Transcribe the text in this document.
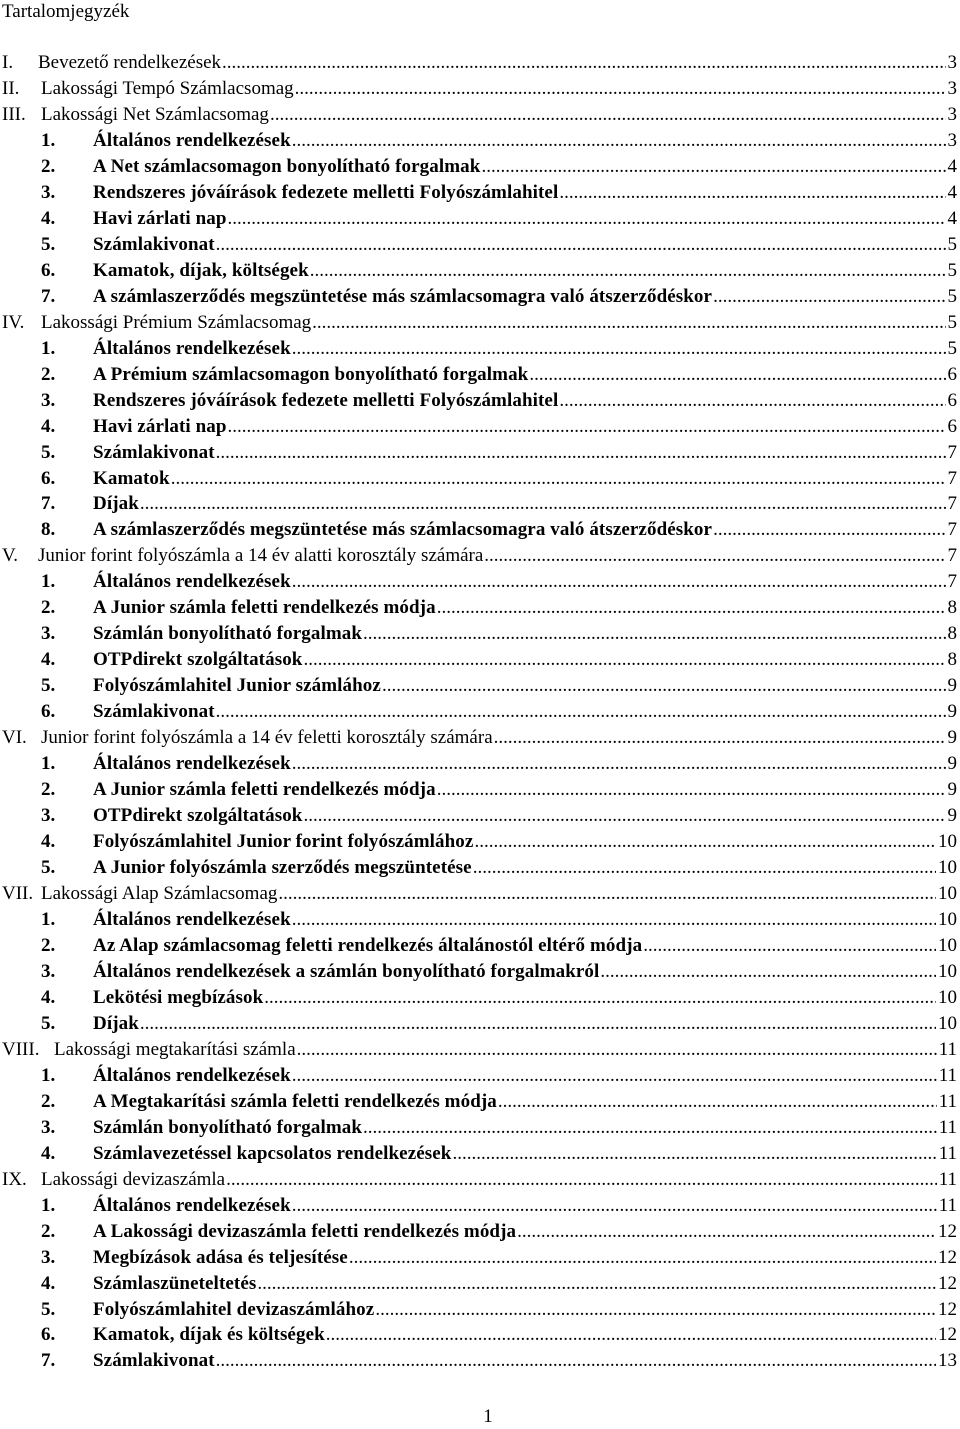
Tartalomjegyzék
I.	Bevezető rendelkezések .....	3
II.	Lakossági Tempó Számlacsomag .....	3
III. Lakossági Net Számlacsomag .....	3
1.	Általános rendelkezések .....	3
2.	A Net számlacsomagon bonyolítható forgalmak .....	4
3.	Rendszeres jóváírások fedezete melletti Folyószámlahitel .....	4
4.	Havi zárlati nap .....	4
5.	Számlakivonat .....	5
6.	Kamatok, díjak, költségek .....	5
7.	A számlaszerződés megszüntetése más számlacsomagra való átszerződéskor .....	5
IV. Lakossági Prémium Számlacsomag .....	5
1.	Általános rendelkezések .....	5
2.	A Prémium számlacsomagon bonyolítható forgalmak .....	6
3.	Rendszeres jóváírások fedezete melletti Folyószámlahitel .....	6
4.	Havi zárlati nap .....	6
5.	Számlakivonat .....	7
6.	Kamatok .....	7
7.	Díjak .....	7
8.	A számlaszerződés megszüntetése más számlacsomagra való átszerződéskor .....	7
V.	Junior forint folyószámla a 14 év alatti korosztály számára .....	7
1.	Általános rendelkezések .....	7
2.	A Junior számla feletti rendelkezés módja .....	8
3.	Számlán bonyolítható forgalmak .....	8
4.	OTPdirekt szolgáltatások .....	8
5.	Folyószámlahitel Junior számlához .....	9
6.	Számlakivonat .....	9
VI. Junior forint folyószámla a 14 év feletti korosztály számára .....	9
1.	Általános rendelkezések .....	9
2.	A Junior számla feletti rendelkezés módja .....	9
3.	OTPdirekt szolgáltatások .....	9
4.	Folyószámlahitel Junior forint folyószámlához .....	10
5.	A Junior folyószámla szerződés megszüntetése .....	10
VII. Lakossági Alap Számlacsomag .....	10
1.	Általános rendelkezések .....	10
2.	Az Alap számlacsomag feletti rendelkezés általánostól eltérő módja .....	10
3.	Általános rendelkezések a számlán bonyolítható forgalmakról .....	10
4.	Lekötési megbízások .....	10
5.	Díjak .....	10
VIII. Lakossági megtakarítási számla .....	11
1.	Általános rendelkezések .....	11
2.	A Megtakarítási számla feletti rendelkezés módja .....	11
3.	Számlán bonyolítható forgalmak .....	11
4.	Számlavezetéssel kapcsolatos rendelkezések .....	11
IX. Lakossági devizaszámla .....	11
1.	Általános rendelkezések .....	11
2.	A Lakossági devizaszámla feletti rendelkezés módja .....	12
3.	Megbízások adása és teljesítése .....	12
4.	Számlaszüneteltetés .....	12
5.	Folyószámlahitel devizaszámlához .....	12
6.	Kamatok, díjak és költségek .....	12
7.	Számlakivonat .....	13
1
